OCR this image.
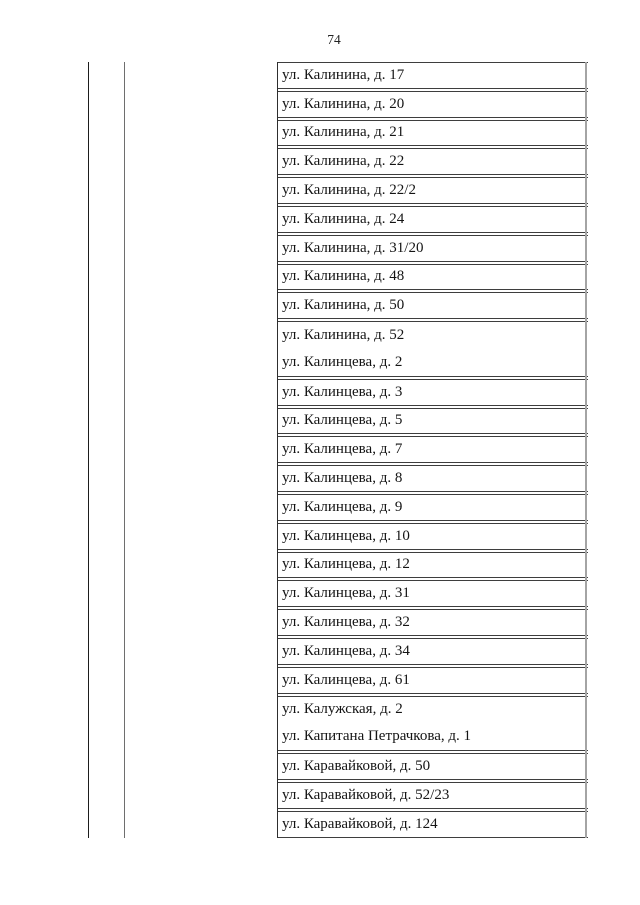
74
ул. Калинина, д. 17
ул. Калинина, д. 20
ул. Калинина, д. 21
ул. Калинина, д. 22
ул. Калинина, д. 22/2
ул. Калинина, д. 24
ул. Калинина, д. 31/20
ул. Калинина, д. 48
ул. Калинина, д. 50
ул. Калинина, д. 52
ул. Калинцева, д. 2
ул. Калинцева, д. 3
ул. Калинцева, д. 5
ул. Калинцева, д. 7
ул. Калинцева, д. 8
ул. Калинцева, д. 9
ул. Калинцева, д. 10
ул. Калинцева, д. 12
ул. Калинцева, д. 31
ул. Калинцева, д. 32
ул. Калинцева, д. 34
ул. Калинцева, д. 61
ул. Калужская, д. 2
ул. Капитана Петрачкова, д. 1
ул. Каравайковой, д. 50
ул. Каравайковой, д. 52/23
ул. Каравайковой, д. 124
